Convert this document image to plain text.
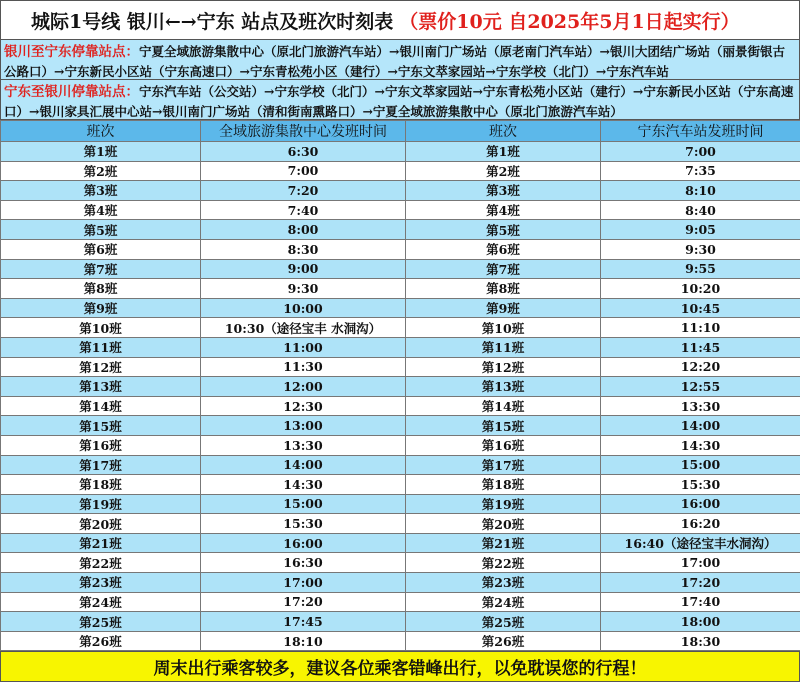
城际1号线 银川←→宁东 站点及班次时刻表 （票价10元 自2025年5月1日起实行）
银川至宁东停靠站点：宁夏全域旅游集散中心（原北门旅游汽车站）→银川南门广场站（原老南门汽车站）→银川大团结广场站（丽景街银古公路口）→宁东新民小区站（宁东高速口）→宁东青松苑小区（建行）→宁东文萃家园站→宁东学校（北门）→宁东汽车站
宁东至银川停靠站点：宁东汽车站（公交站）→宁东学校（北门）→宁东文萃家园站→宁东青松苑小区站（建行）→宁东新民小区站（宁东高速口）→银川家具汇展中心站→银川南门广场站（清和街南熏路口）→宁夏全域旅游集散中心（原北门旅游汽车站）
班次	全域旅游集散中心发班时间	班次	宁东汽车站发班时间
第1班	6:30	第1班	7:00
第2班	7:00	第2班	7:35
第3班	7:20	第3班	8:10
第4班	7:40	第4班	8:40
第5班	8:00	第5班	9:05
第6班	8:30	第6班	9:30
第7班	9:00	第7班	9:55
第8班	9:30	第8班	10:20
第9班	10:00	第9班	10:45
第10班	10:30（途径宝丰 水洞沟）	第10班	11:10
第11班	11:00	第11班	11:45
第12班	11:30	第12班	12:20
第13班	12:00	第13班	12:55
第14班	12:30	第14班	13:30
第15班	13:00	第15班	14:00
第16班	13:30	第16班	14:30
第17班	14:00	第17班	15:00
第18班	14:30	第18班	15:30
第19班	15:00	第19班	16:00
第20班	15:30	第20班	16:20
第21班	16:00	第21班	16:40（途径宝丰水洞沟）
第22班	16:30	第22班	17:00
第23班	17:00	第23班	17:20
第24班	17:20	第24班	17:40
第25班	17:45	第25班	18:00
第26班	18:10	第26班	18:30
周末出行乘客较多，建议各位乘客错峰出行，以免耽误您的行程！
